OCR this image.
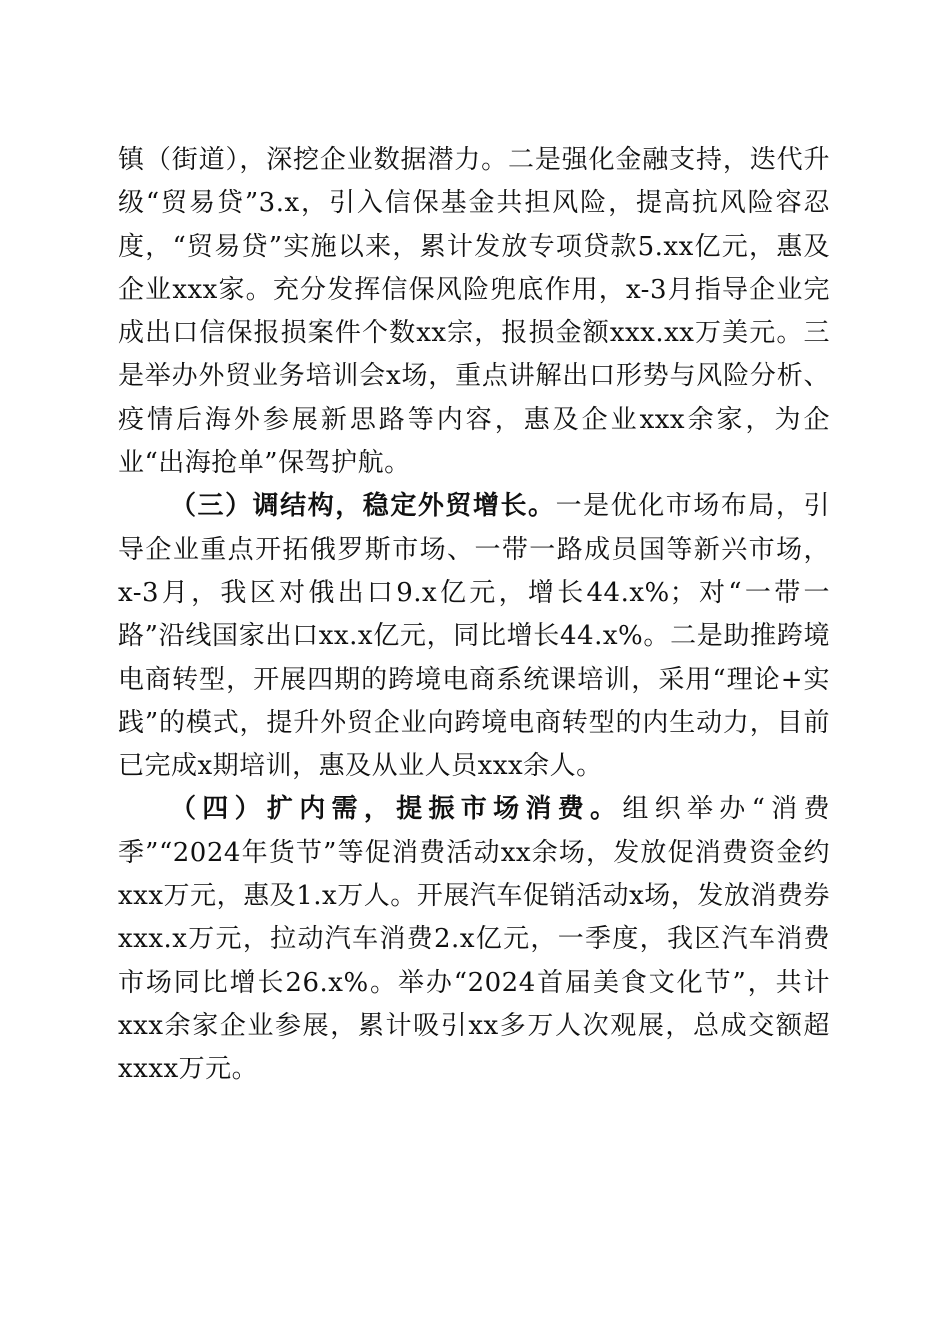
镇（街道），深挖企业数据潜力。二是强化金融支持，迭代升级“贸易贷”3.x，引入信保基金共担风险，提高抗风险容忍度，“贸易贷”实施以来，累计发放专项贷款5.xx亿元，惠及企业xxx家。充分发挥信保风险兜底作用，x-3月指导企业完成出口信保报损案件个数xx宗，报损金额xxx.xx万美元。三是举办外贸业务培训会x场，重点讲解出口形势与风险分析、疫情后海外参展新思路等内容，惠及企业xxx余家，为企业“出海抢单”保驾护航。

（三）调结构，稳定外贸增长。一是优化市场布局，引导企业重点开拓俄罗斯市场、一带一路成员国等新兴市场，x-3月，我区对俄出口9.x亿元，增长44.x%；对“一带一路”沿线国家出口xx.x亿元，同比增长44.x%。二是助推跨境电商转型，开展四期的跨境电商系统课培训，采用“理论+实践”的模式，提升外贸企业向跨境电商转型的内生动力，目前已完成x期培训，惠及从业人员xxx余人。

（四）扩内需，提振市场消费。组织举办“消费季”“2024年货节”等促消费活动xx余场，发放促消费资金约xxx万元，惠及1.x万人。开展汽车促销活动x场，发放消费券xxx.x万元，拉动汽车消费2.x亿元，一季度，我区汽车消费市场同比增长26.x%。举办“2024首届美食文化节”，共计xxx余家企业参展，累计吸引xx多万人次观展，总成交额超xxxx万元。
